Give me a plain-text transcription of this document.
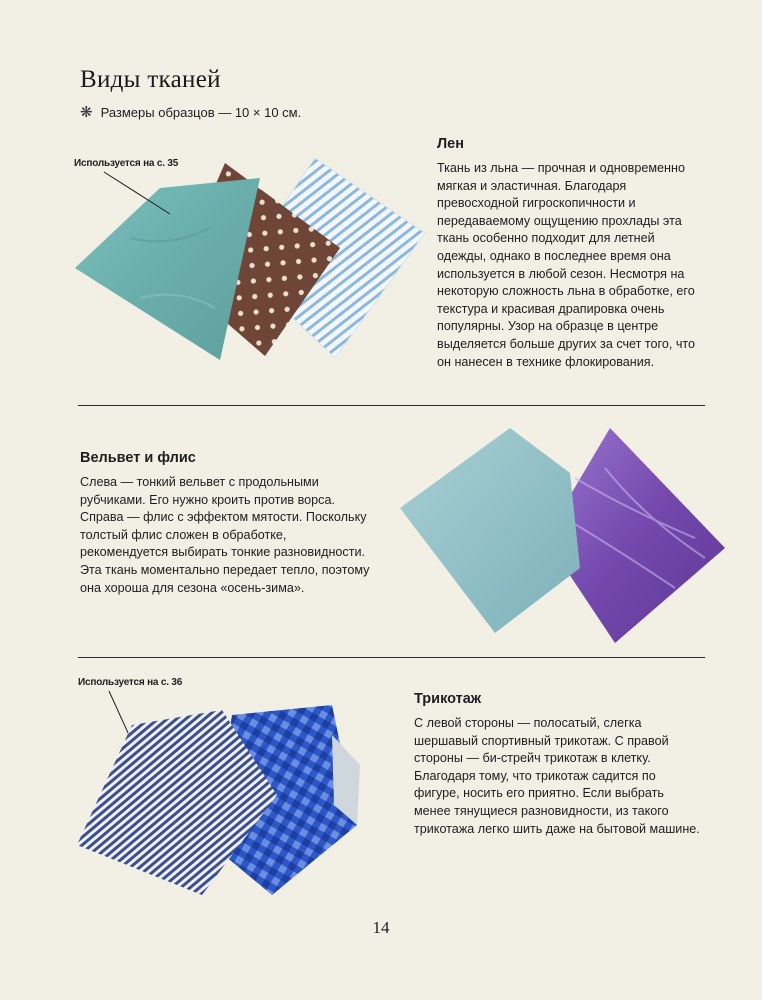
Виды тканей
❋ Размеры образцов — 10 × 10 см.
Используется на с. 35
Лен

Ткань из льна — прочная и одновременно мягкая и эластичная. Благодаря превосходной гигроскопичности и передаваемому ощущению прохлады эта ткань особенно подходит для летней одежды, однако в последнее время она используется в любой сезон. Несмотря на некоторую сложность льна в обработке, его текстура и красивая драпировка очень популярны. Узор на образце в центре выделяется больше других за счет того, что он нанесен в технике флокирования.

Вельвет и флис

Слева — тонкий вельвет с продольными рубчиками. Его нужно кроить против ворса. Справа — флис с эффектом мятости. Поскольку толстый флис сложен в обработке, рекомендуется выбирать тонкие разновидности. Эта ткань моментально передает тепло, поэтому она хороша для сезона «осень-зима».

Используется на с. 36
Трикотаж

С левой стороны — полосатый, слегка шершавый спортивный трикотаж. С правой стороны — би-стрейч трикотаж в клетку. Благодаря тому, что трикотаж садится по фигуре, носить его приятно. Если выбрать менее тянущиеся разновидности, из такого трикотажа легко шить даже на бытовой машине.

14
